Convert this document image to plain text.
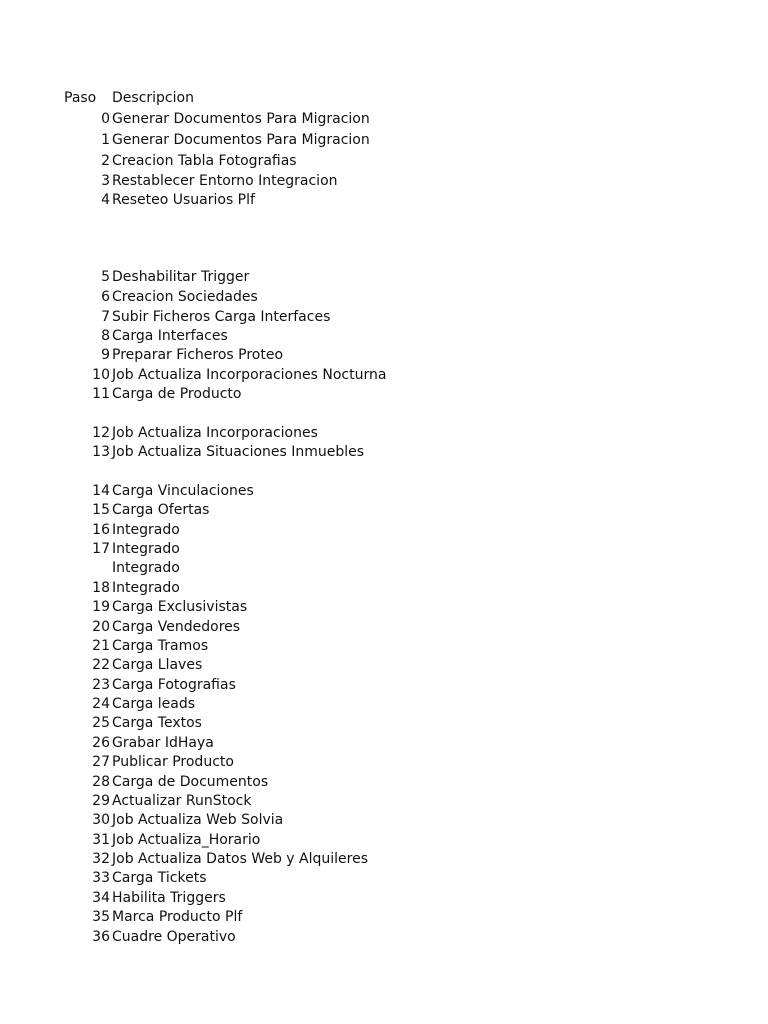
Paso Descripcion
0 Generar Documentos Para Migracion
1 Generar Documentos Para Migracion
2 Creacion Tabla Fotografias
3 Restablecer Entorno Integracion
4 Reseteo Usuarios Plf
5 Deshabilitar Trigger
6 Creacion Sociedades
7 Subir Ficheros Carga Interfaces
8 Carga Interfaces
9 Preparar Ficheros Proteo
10 Job Actualiza Incorporaciones Nocturna
11 Carga de Producto
12 Job Actualiza Incorporaciones
13 Job Actualiza Situaciones Inmuebles
14 Carga Vinculaciones
15 Carga Ofertas
16 Integrado
17 Integrado
Integrado
18 Integrado
19 Carga Exclusivistas
20 Carga Vendedores
21 Carga Tramos
22 Carga Llaves
23 Carga Fotografias
24 Carga leads
25 Carga Textos
26 Grabar IdHaya
27 Publicar Producto
28 Carga de Documentos
29 Actualizar RunStock
30 Job Actualiza Web Solvia
31 Job Actualiza_Horario
32 Job Actualiza Datos Web y Alquileres
33 Carga Tickets
34 Habilita Triggers
35 Marca Producto Plf
36 Cuadre Operativo
